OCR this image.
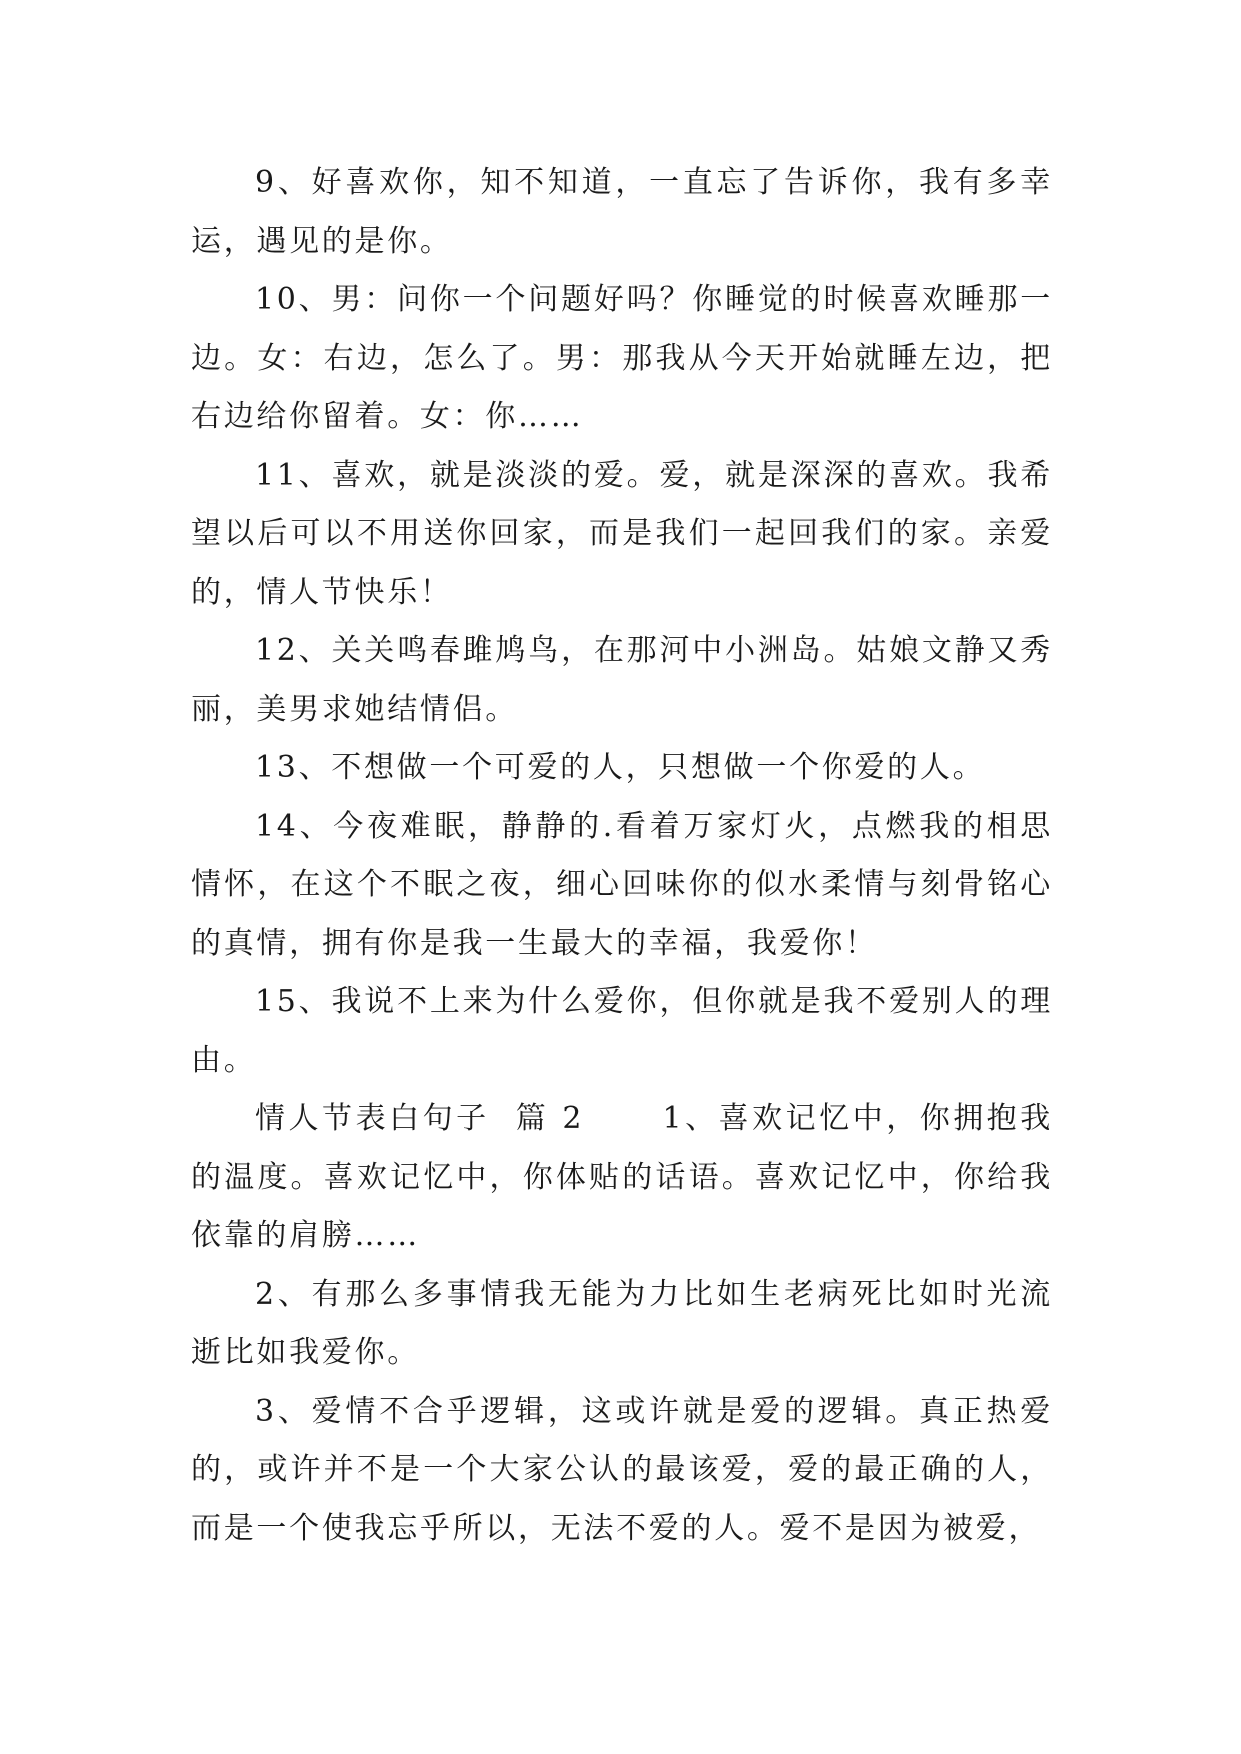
9、好喜欢你，知不知道，一直忘了告诉你，我有多幸运，遇见的是你。

10、男：问你一个问题好吗？你睡觉的时候喜欢睡那一边。女：右边，怎么了。男：那我从今天开始就睡左边，把右边给你留着。女：你……

11、喜欢，就是淡淡的爱。爱，就是深深的喜欢。我希望以后可以不用送你回家，而是我们一起回我们的家。亲爱的，情人节快乐！

12、关关鸣春雎鸠鸟，在那河中小洲岛。姑娘文静又秀丽，美男求她结情侣。

13、不想做一个可爱的人，只想做一个你爱的人。

14、今夜难眠，静静的.看着万家灯火，点燃我的相思情怀，在这个不眠之夜，细心回味你的似水柔情与刻骨铭心的真情，拥有你是我一生最大的幸福，我爱你！

15、我说不上来为什么爱你，但你就是我不爱别人的理由。

情人节表白句子  篇 2      1、喜欢记忆中，你拥抱我的温度。喜欢记忆中，你体贴的话语。喜欢记忆中，你给我依靠的肩膀……

2、有那么多事情我无能为力比如生老病死比如时光流逝比如我爱你。

3、爱情不合乎逻辑，这或许就是爱的逻辑。真正热爱的，或许并不是一个大家公认的最该爱，爱的最正确的人，而是一个使我忘乎所以，无法不爱的人。爱不是因为被爱，
